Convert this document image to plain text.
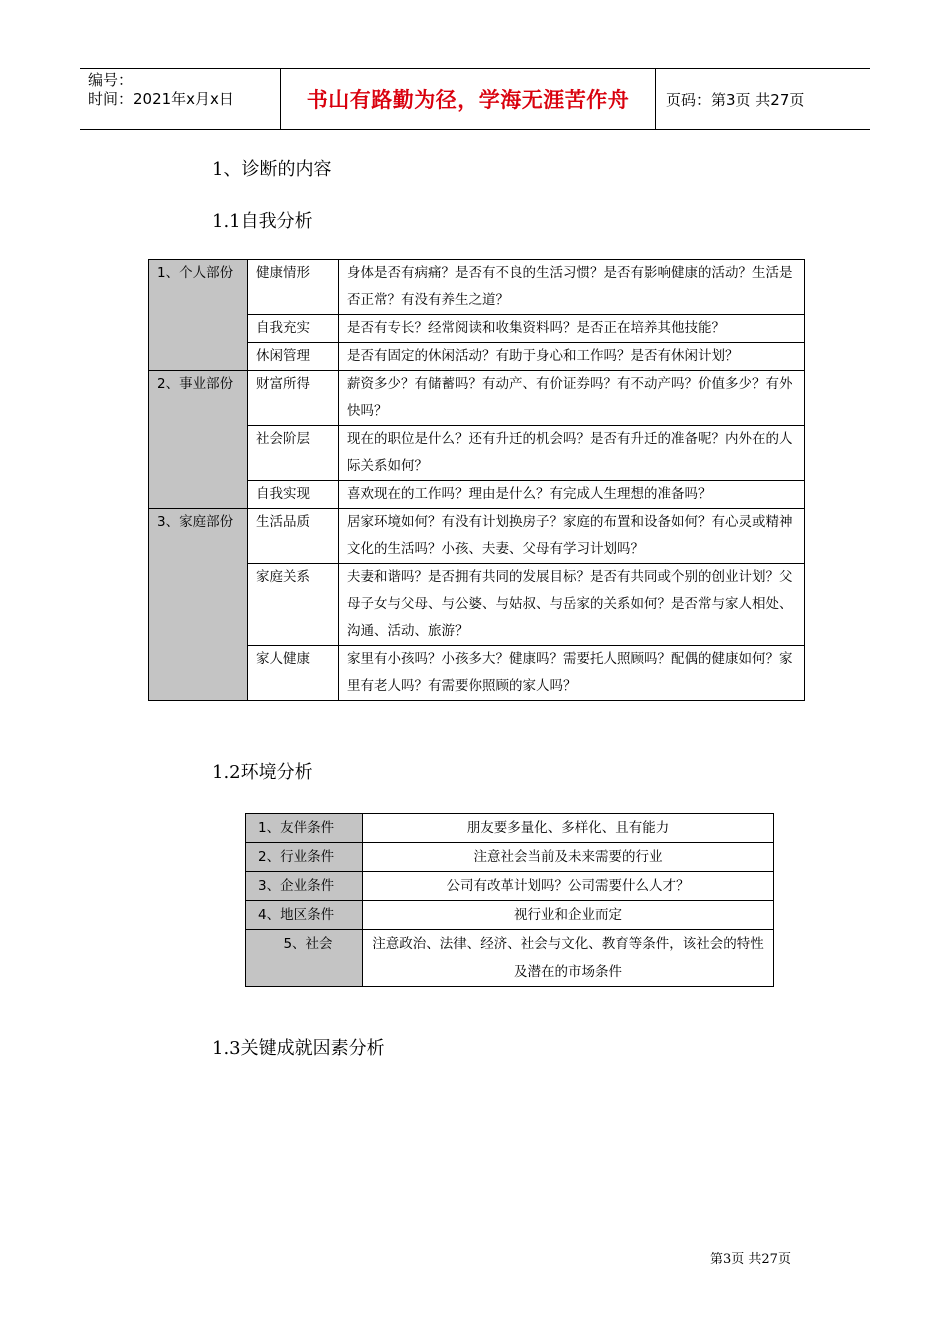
编号：
时间：2021年x月x日	书山有路勤为径，学海无涯苦作舟	页码：第3页 共27页
1、诊断的内容
1.1自我分析
1、个人部份	健康情形	身体是否有病痛？是否有不良的生活习惯？是否有影响健康的活动？生活是否正常？有没有养生之道？
	自我充实	是否有专长？经常阅读和收集资料吗？是否正在培养其他技能？
	休闲管理	是否有固定的休闲活动？有助于身心和工作吗？是否有休闲计划？
2、事业部份	财富所得	薪资多少？有储蓄吗？有动产、有价证券吗？有不动产吗？价值多少？有外快吗？
	社会阶层	现在的职位是什么？还有升迁的机会吗？是否有升迁的准备呢？内外在的人际关系如何？
	自我实现	喜欢现在的工作吗？理由是什么？有完成人生理想的准备吗？
3、家庭部份	生活品质	居家环境如何？有没有计划换房子？家庭的布置和设备如何？有心灵或精神文化的生活吗？小孩、夫妻、父母有学习计划吗？
	家庭关系	夫妻和谐吗？是否拥有共同的发展目标？是否有共同或个别的创业计划？父母子女与父母、与公婆、与姑叔、与岳家的关系如何？是否常与家人相处、沟通、活动、旅游？
	家人健康	家里有小孩吗？小孩多大？健康吗？需要托人照顾吗？配偶的健康如何？家里有老人吗？有需要你照顾的家人吗？
1.2环境分析
1、友伴条件	朋友要多量化、多样化、且有能力
2、行业条件	注意社会当前及未来需要的行业
3、企业条件	公司有改革计划吗？公司需要什么人才？
4、地区条件	视行业和企业而定
5、社会	注意政治、法律、经济、社会与文化、教育等条件，该社会的特性及潜在的市场条件
1.3关键成就因素分析
第3页 共27页
